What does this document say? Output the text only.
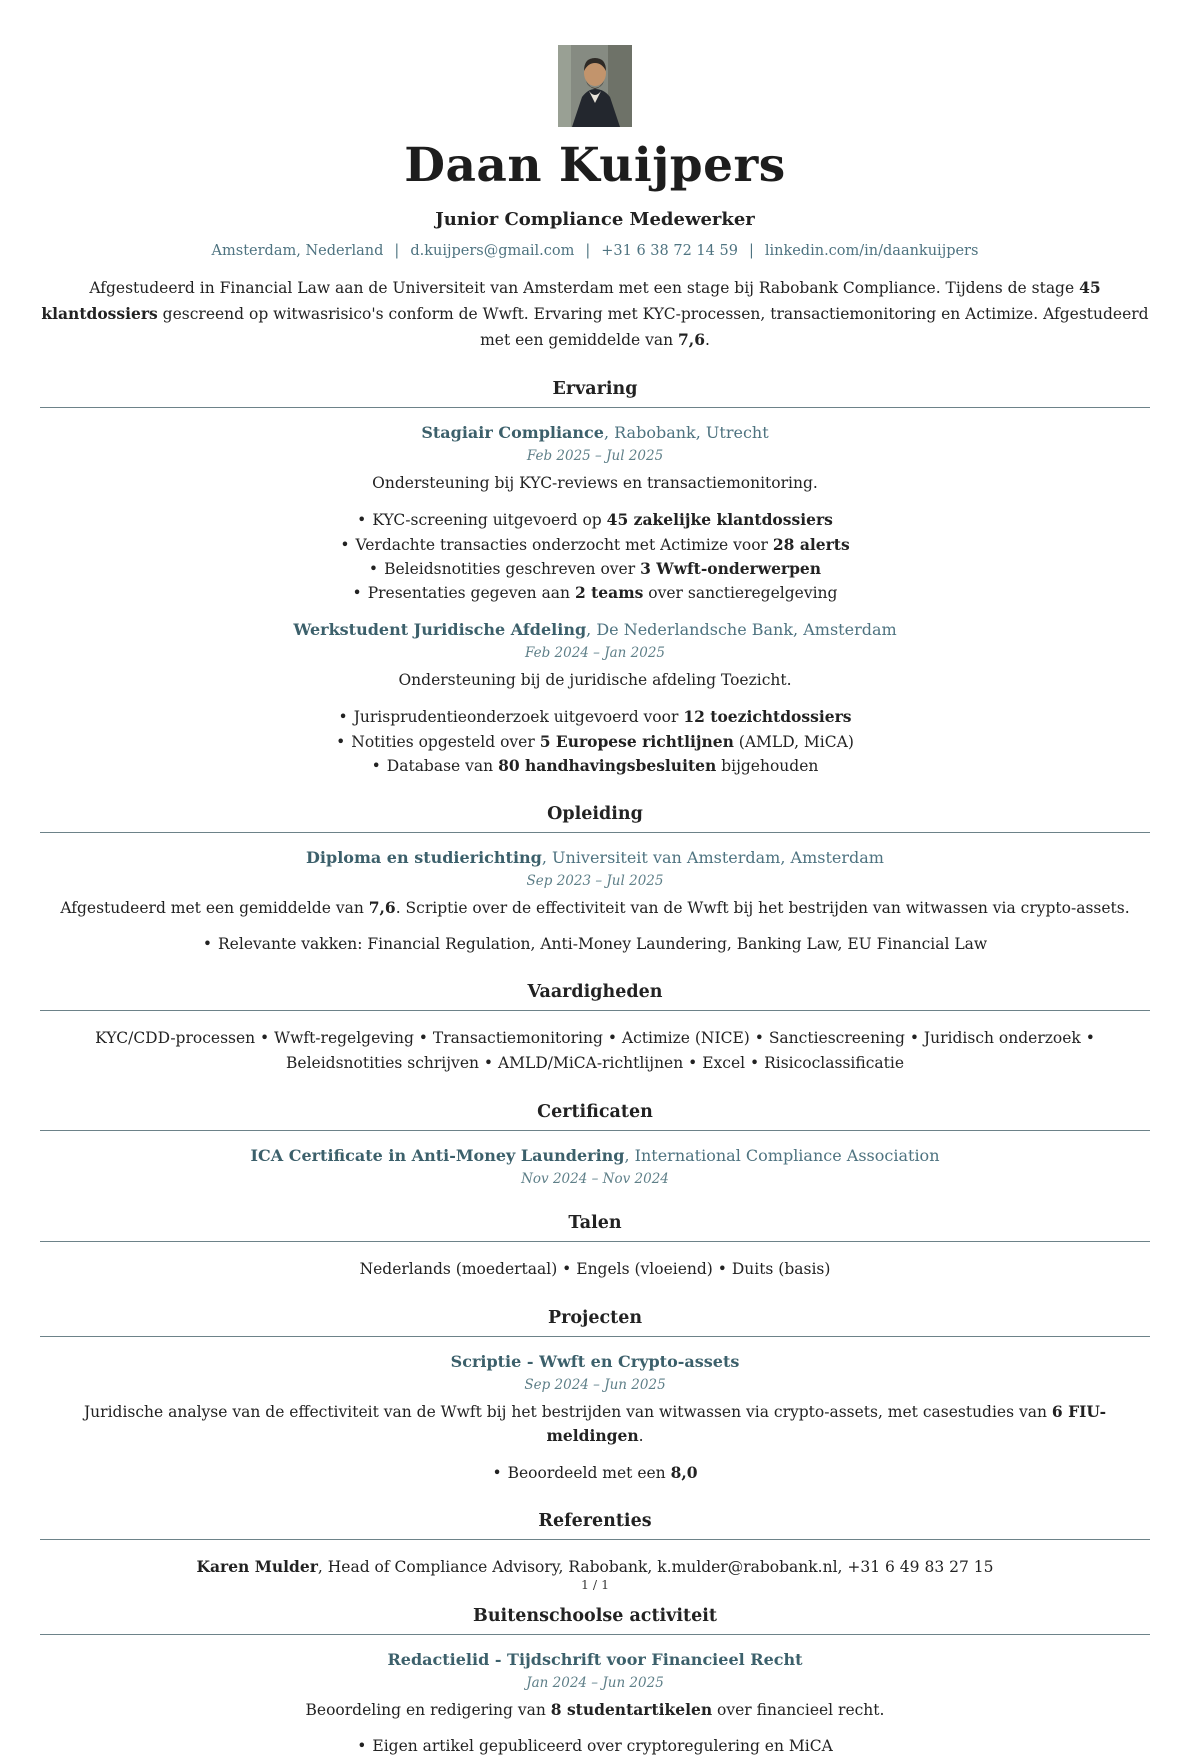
Daan Kuijpers
Junior Compliance Medewerker
Amsterdam, Nederland | d.kuijpers@gmail.com | +31 6 38 72 14 59 | linkedin.com/in/daankuijpers

Afgestudeerd in Financial Law aan de Universiteit van Amsterdam met een stage bij Rabobank Compliance. Tijdens de stage 45 klantdossiers gescreend op witwasrisico's conform de Wwft. Ervaring met KYC-processen, transactiemonitoring en Actimize. Afgestudeerd met een gemiddelde van 7,6.

Ervaring
Stagiair Compliance, Rabobank, Utrecht
Feb 2025 – Jul 2025
Ondersteuning bij KYC-reviews en transactiemonitoring.
• KYC-screening uitgevoerd op 45 zakelijke klantdossiers
• Verdachte transacties onderzocht met Actimize voor 28 alerts
• Beleidsnotities geschreven over 3 Wwft-onderwerpen
• Presentaties gegeven aan 2 teams over sanctieregelgeving
Werkstudent Juridische Afdeling, De Nederlandsche Bank, Amsterdam
Feb 2024 – Jan 2025
Ondersteuning bij de juridische afdeling Toezicht.
• Jurisprudentieonderzoek uitgevoerd voor 12 toezichtdossiers
• Notities opgesteld over 5 Europese richtlijnen (AMLD, MiCA)
• Database van 80 handhavingsbesluiten bijgehouden
Opleiding
Diploma en studierichting, Universiteit van Amsterdam, Amsterdam
Sep 2023 – Jul 2025
Afgestudeerd met een gemiddelde van 7,6. Scriptie over de effectiviteit van de Wwft bij het bestrijden van witwassen via crypto-assets.
• Relevante vakken: Financial Regulation, Anti-Money Laundering, Banking Law, EU Financial Law
Vaardigheden
KYC/CDD-processen • Wwft-regelgeving • Transactiemonitoring • Actimize (NICE) • Sanctiescreening • Juridisch onderzoek • Beleidsnotities schrijven • AMLD/MiCA-richtlijnen • Excel • Risicoclassificatie
Certificaten
ICA Certificate in Anti-Money Laundering, International Compliance Association
Nov 2024 – Nov 2024
Talen
Nederlands (moedertaal) • Engels (vloeiend) • Duits (basis)
Projecten
Scriptie - Wwft en Crypto-assets
Sep 2024 – Jun 2025
Juridische analyse van de effectiviteit van de Wwft bij het bestrijden van witwassen via crypto-assets, met casestudies van 6 FIU-meldingen.
• Beoordeeld met een 8,0
Referenties
Karen Mulder, Head of Compliance Advisory, Rabobank, k.mulder@rabobank.nl, +31 6 49 83 27 15
Buitenschoolse activiteit
Redactielid - Tijdschrift voor Financieel Recht
Jan 2024 – Jun 2025
Beoordeling en redigering van 8 studentartikelen over financieel recht.
• Eigen artikel gepubliceerd over cryptoregulering en MiCA
1 / 1
